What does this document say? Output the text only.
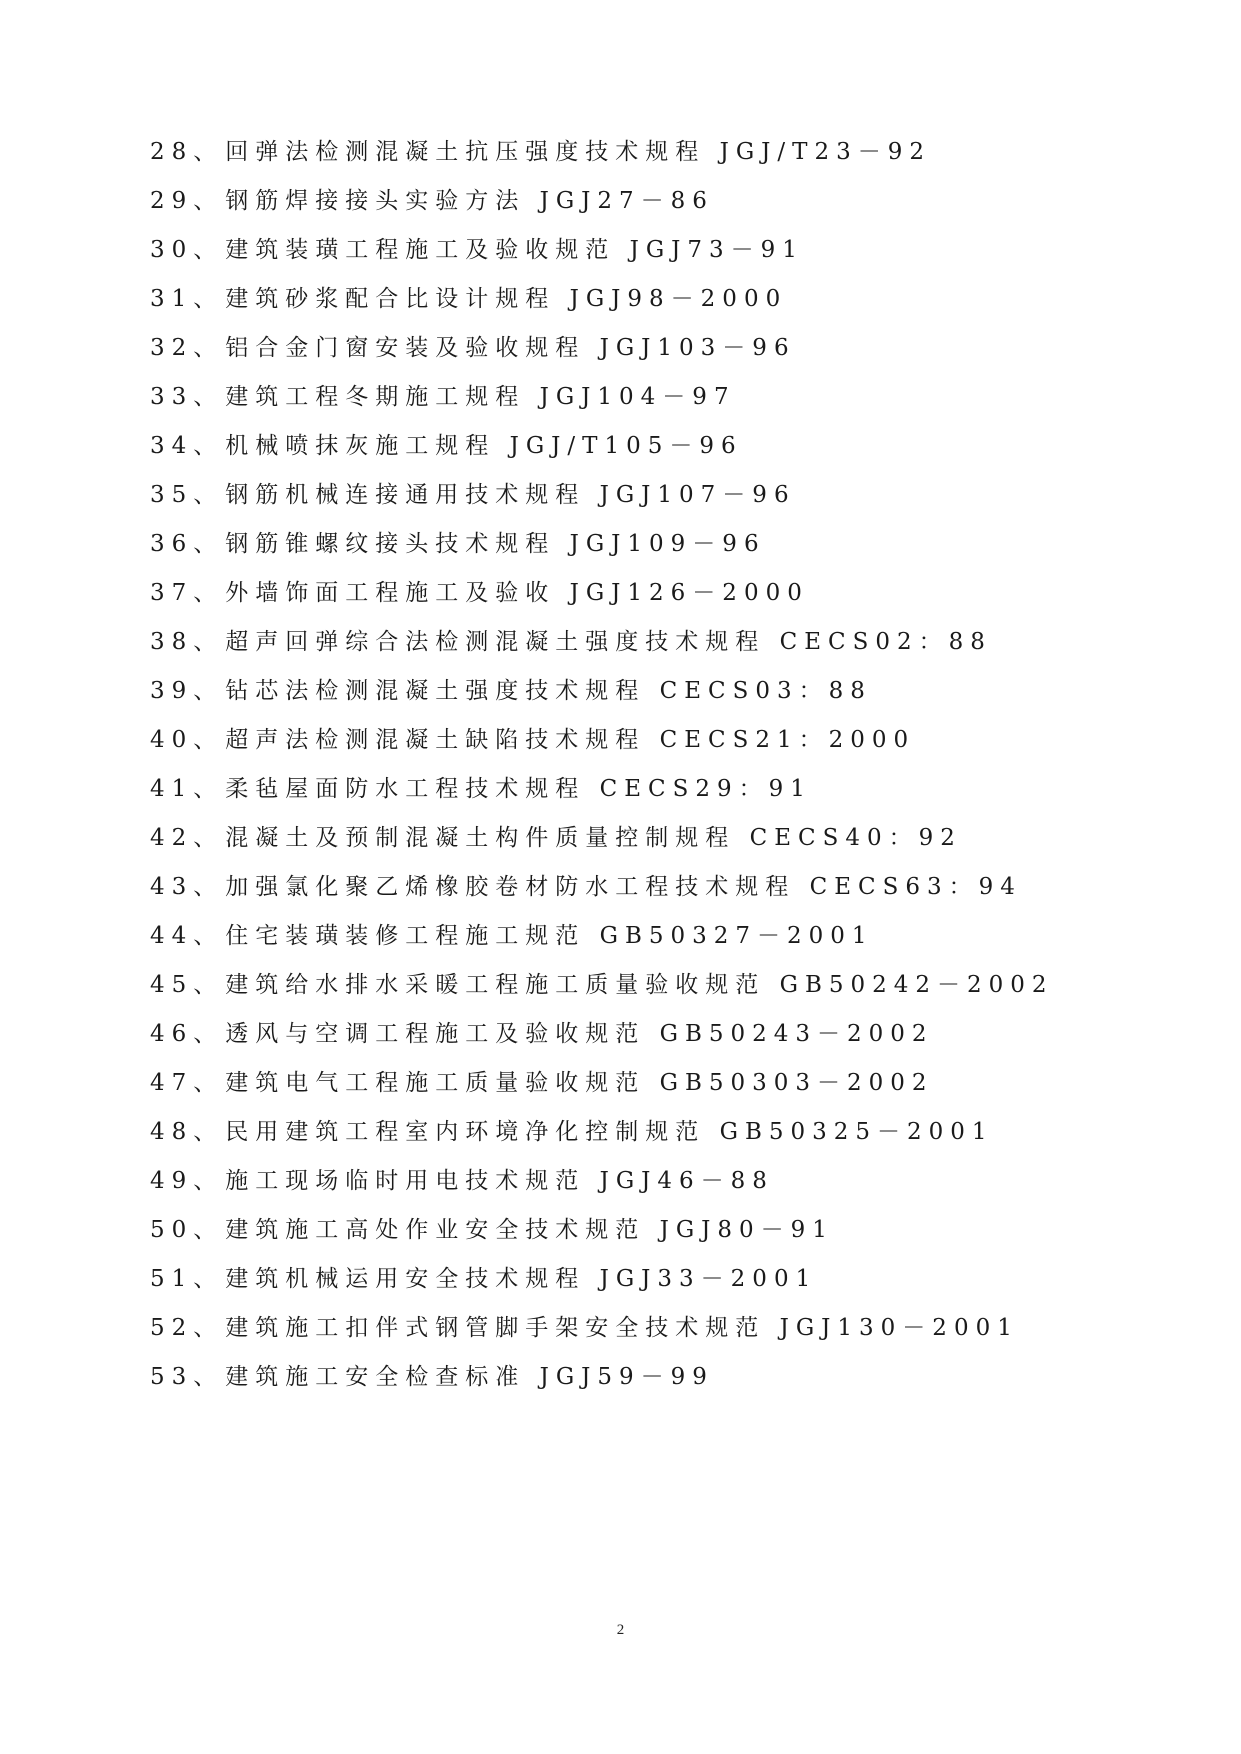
28、回弹法检测混凝土抗压强度技术规程 JGJ/T23－92
29、钢筋焊接接头实验方法 JGJ27－86
30、建筑装璜工程施工及验收规范 JGJ73－91
31、建筑砂浆配合比设计规程 JGJ98－2000
32、铝合金门窗安装及验收规程 JGJ103－96
33、建筑工程冬期施工规程 JGJ104－97
34、机械喷抹灰施工规程 JGJ/T105－96
35、钢筋机械连接通用技术规程 JGJ107－96
36、钢筋锥螺纹接头技术规程 JGJ109－96
37、外墙饰面工程施工及验收 JGJ126－2000
38、超声回弹综合法检测混凝土强度技术规程 CECS02：88
39、钻芯法检测混凝土强度技术规程 CECS03：88
40、超声法检测混凝土缺陷技术规程 CECS21：2000
41、柔毡屋面防水工程技术规程 CECS29：91
42、混凝土及预制混凝土构件质量控制规程 CECS40：92
43、加强氯化聚乙烯橡胶卷材防水工程技术规程 CECS63：94
44、住宅装璜装修工程施工规范 GB50327－2001
45、建筑给水排水采暖工程施工质量验收规范 GB50242－2002
46、透风与空调工程施工及验收规范 GB50243－2002
47、建筑电气工程施工质量验收规范 GB50303－2002
48、民用建筑工程室内环境净化控制规范 GB50325－2001
49、施工现场临时用电技术规范 JGJ46－88
50、建筑施工高处作业安全技术规范 JGJ80－91
51、建筑机械运用安全技术规程 JGJ33－2001
52、建筑施工扣伴式钢管脚手架安全技术规范 JGJ130－2001
53、建筑施工安全检查标准 JGJ59－99
2
